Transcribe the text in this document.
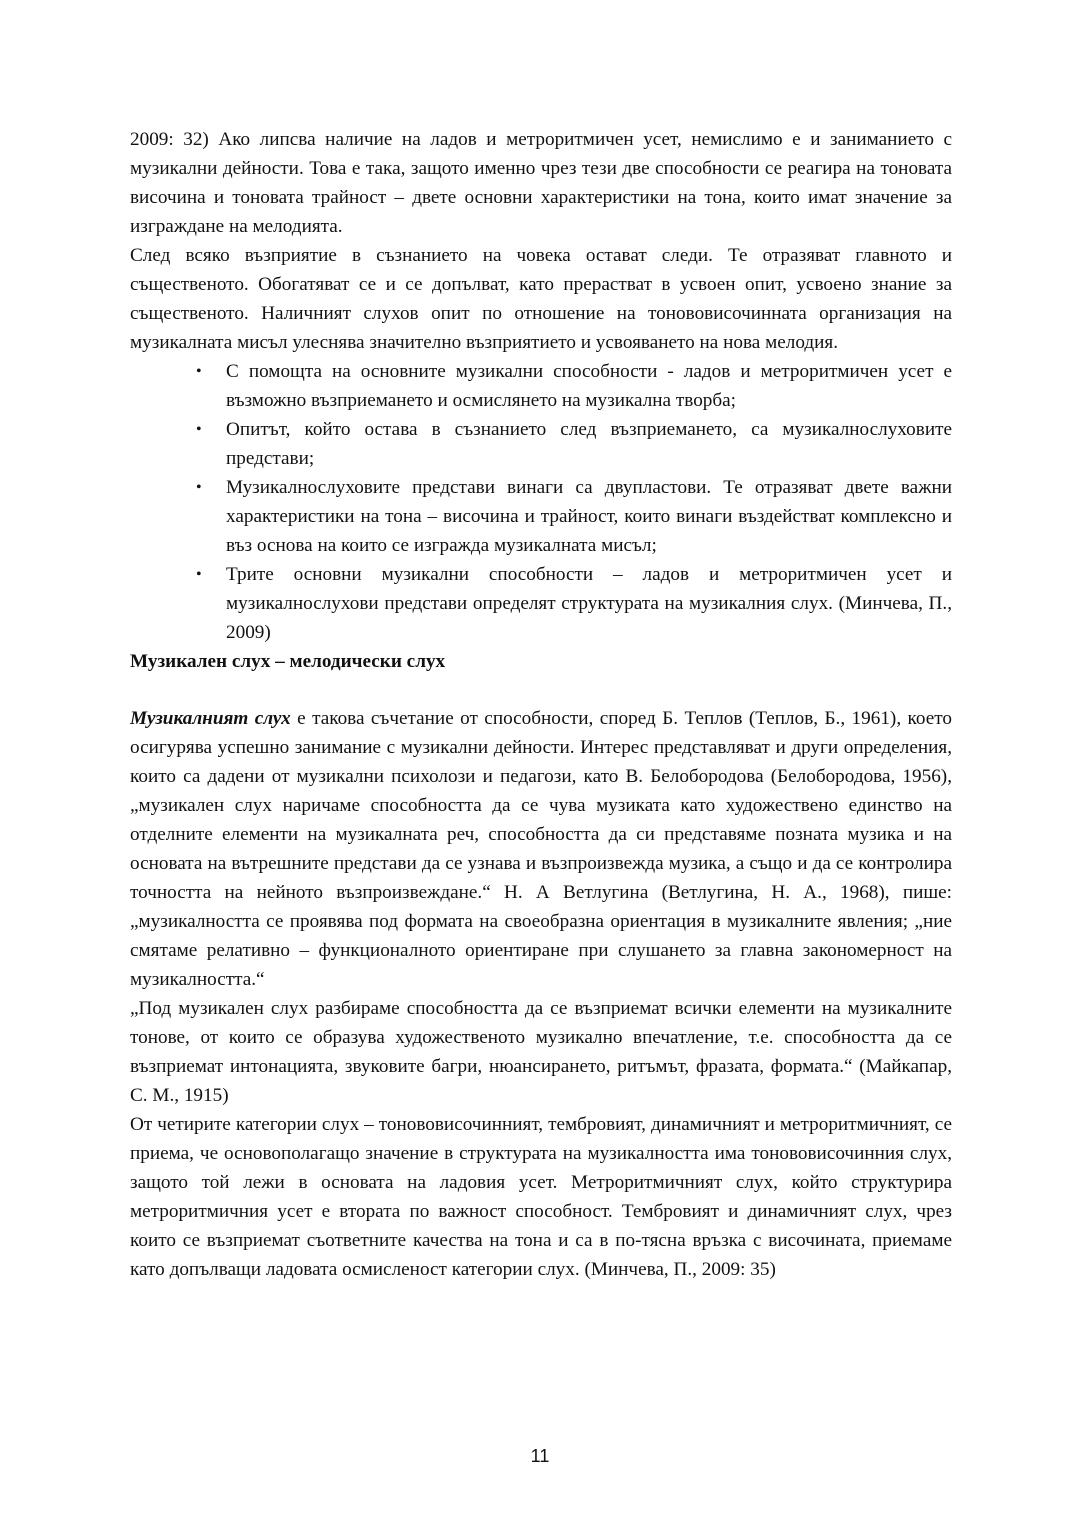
2009: 32) Ако липсва наличие на ладов и метроритмичен усет, немислимо е и заниманието с музикални дейности. Това е така, защото именно чрез тези две способности се реагира на тоновата височина и тоновата трайност – двете основни характеристики на тона, които имат значение за изграждане на мелодията.

След всяко възприятие в съзнанието на човека остават следи. Те отразяват главното и същественото. Обогатяват се и се допълват, като прерастват в усвоен опит, усвоено знание за същественото. Наличният слухов опит по отношение на тонововисочинната организация на музикалната мисъл улеснява значително възприятието и усвояването на нова мелодия.

• С помощта на основните музикални способности - ладов и метроритмичен усет е възможно възприемането и осмислянето на музикална творба;
• Опитът, който остава в съзнанието след възприемането, са музикалнослуховите представи;
• Музикалнослуховите представи винаги са двупластови. Те отразяват двете важни характеристики на тона – височина и трайност, които винаги въздействат комплексно и въз основа на които се изгражда музикалната мисъл;
• Трите основни музикални способности – ладов и метроритмичен усет и музикалнослухови представи определят структурата на музикалния слух. (Минчева, П., 2009)
Музикален слух – мелодически слух

Музикалният слух е такова съчетание от способности, според Б. Теплов (Теплов, Б., 1961), което осигурява успешно занимание с музикални дейности. Интерес представляват и други определения, които са дадени от музикални психолози и педагози, като В. Белобородова (Белобородова, 1956), „музикален слух наричаме способността да се чува музиката като художествено единство на отделните елементи на музикалната реч, способността да си представяме позната музика и на основата на вътрешните представи да се узнава и възпроизвежда музика, а също и да се контролира точността на нейното възпроизвеждане.“ Н. А Ветлугина (Ветлугина, Н. А., 1968), пише: „музикалността се проявява под формата на своеобразна ориентация в музикалните явления; „ние смятаме релативно – функционалното ориентиране при слушането за главна закономерност на музикалността.“

„Под музикален слух разбираме способността да се възприемат всички елементи на музикалните тонове, от които се образува художественото музикално впечатление, т.е. способността да се възприемат интонацията, звуковите багри, нюансирането, ритъмът, фразата, формата.“ (Майкапар, С. М., 1915)

От четирите категории слух – тонововисочинният, тембровият, динамичният и метроритмичният, се приема, че основополагащо значение в структурата на музикалността има тонововисочинния слух, защото той лежи в основата на ладовия усет. Метроритмичният слух, който структурира метроритмичния усет е втората по важност способност. Тембровият и динамичният слух, чрез които се възприемат съответните качества на тона и са в по-тясна връзка с височината, приемаме като допълващи ладовата осмисленост категории слух. (Минчева, П., 2009: 35)

11
